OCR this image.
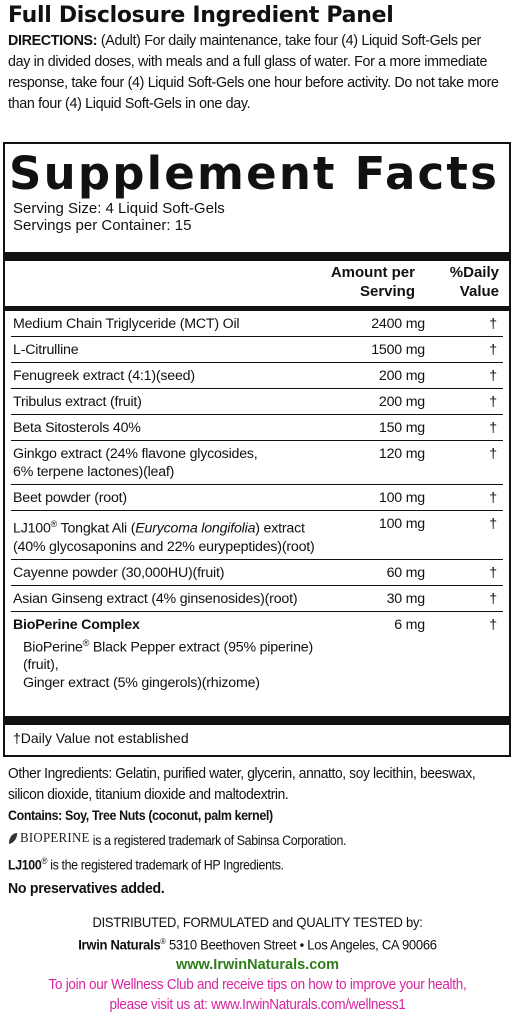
Full Disclosure Ingredient Panel
DIRECTIONS: (Adult) For daily maintenance, take four (4) Liquid Soft-Gels per day in divided doses, with meals and a full glass of water. For a more immediate response, take four (4) Liquid Soft-Gels one hour before activity. Do not take more than four (4) Liquid Soft-Gels in one day.
Supplement Facts
Serving Size: 4 Liquid Soft-Gels
Servings per Container: 15
Amount per
Serving
%Daily
Value
Medium Chain Triglyceride (MCT) Oil	2400 mg	†
L-Citrulline	1500 mg	†
Fenugreek extract (4:1)(seed)	200 mg	†
Tribulus extract (fruit)	200 mg	†
Beta Sitosterols 40%	150 mg	†
Ginkgo extract (24% flavone glycosides,
6% terpene lactones)(leaf)
120 mg	†
Beet powder (root)	100 mg	†
LJ100® Tongkat Ali (Eurycoma longifolia) extract
(40% glycosaponins and 22% eurypeptides)(root)
100 mg	†
Cayenne powder (30,000HU)(fruit)	60 mg	†
Asian Ginseng extract (4% ginsenosides)(root)	30 mg	†
BioPerine Complex
BioPerine® Black Pepper extract (95% piperine)(fruit),
Ginger extract (5% gingerols)(rhizome)
6 mg	†
†Daily Value not established
Other Ingredients: Gelatin, purified water, glycerin, annatto, soy lecithin, beeswax, silicon dioxide, titanium dioxide and maltodextrin.
Contains: Soy, Tree Nuts (coconut, palm kernel)
BIOPERINE is a registered trademark of Sabinsa Corporation.
LJ100® is the registered trademark of HP Ingredients.
No preservatives added.
DISTRIBUTED, FORMULATED and QUALITY TESTED by:
Irwin Naturals® 5310 Beethoven Street • Los Angeles, CA 90066
www.IrwinNaturals.com
To join our Wellness Club and receive tips on how to improve your health,
please visit us at: www.IrwinNaturals.com/wellness1
